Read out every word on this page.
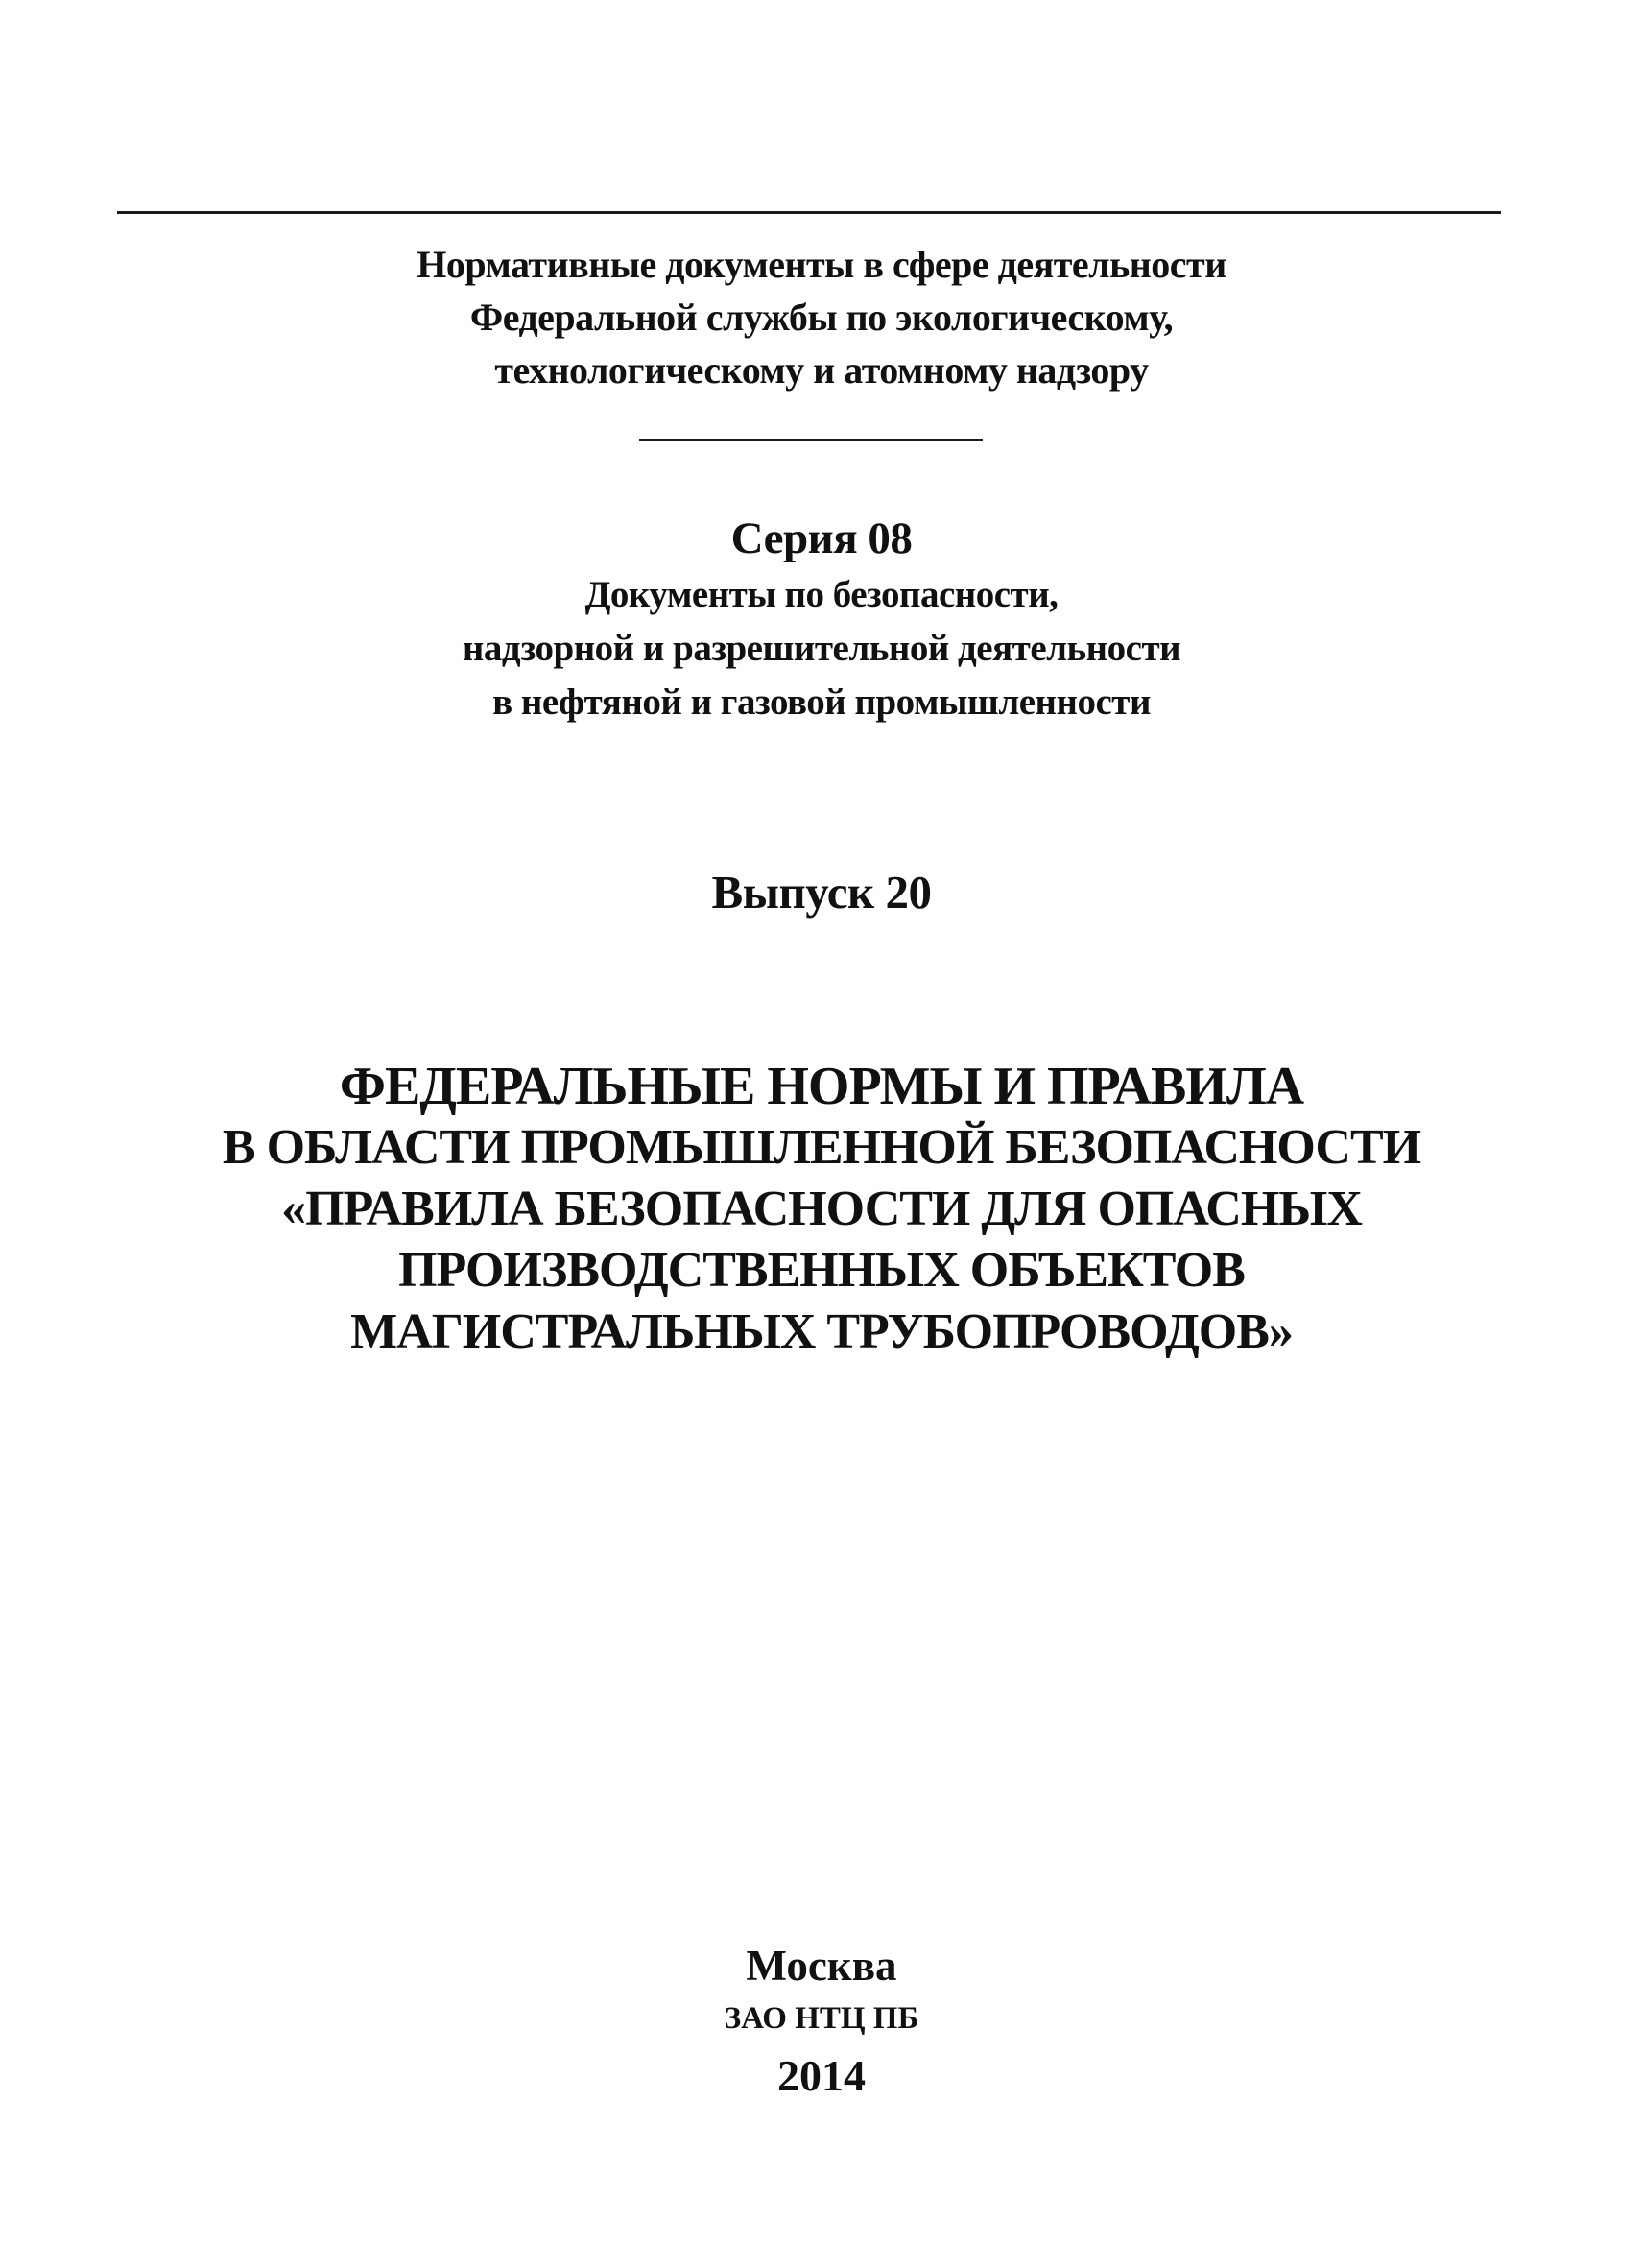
Нормативные документы в сфере деятельности
Федеральной службы по экологическому,
технологическому и атомному надзору
Серия 08
Документы по безопасности,
надзорной и разрешительной деятельности
в нефтяной и газовой промышленности
Выпуск 20
ФЕДЕРАЛЬНЫЕ НОРМЫ И ПРАВИЛА
В ОБЛАСТИ ПРОМЫШЛЕННОЙ БЕЗОПАСНОСТИ
«ПРАВИЛА БЕЗОПАСНОСТИ ДЛЯ ОПАСНЫХ
ПРОИЗВОДСТВЕННЫХ ОБЪЕКТОВ
МАГИСТРАЛЬНЫХ ТРУБОПРОВОДОВ»
Москва
ЗАО НТЦ ПБ
2014
